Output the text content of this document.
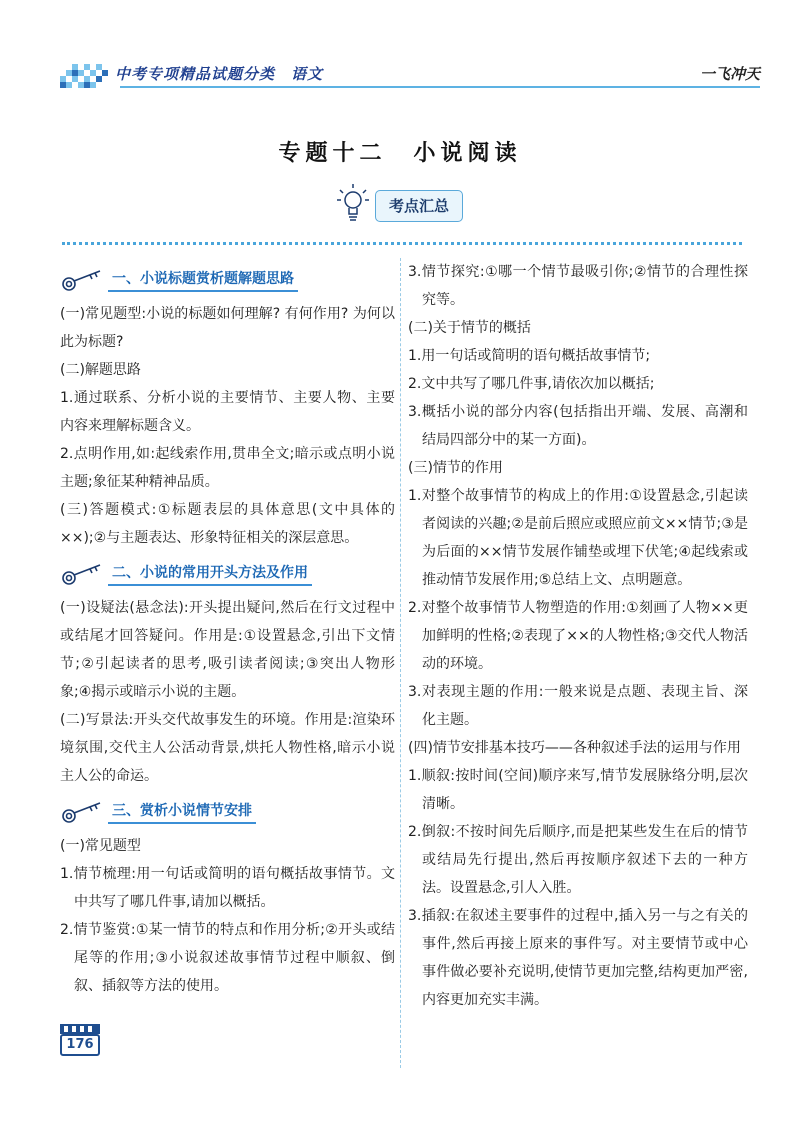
中考专项精品试题分类　语文	一飞冲天
专题十二　小说阅读
考点汇总
一、小说标题赏析题解题思路
(一)常见题型:小说的标题如何理解? 有何作用? 为何以此为标题?
(二)解题思路
1.通过联系、分析小说的主要情节、主要人物、主要内容来理解标题含义。
2.点明作用,如:起线索作用,贯串全文;暗示或点明小说主题;象征某种精神品质。
(三)答题模式:①标题表层的具体意思(文中具体的××);②与主题表达、形象特征相关的深层意思。
二、小说的常用开头方法及作用
(一)设疑法(悬念法):开头提出疑问,然后在行文过程中或结尾才回答疑问。作用是:①设置悬念,引出下文情节;②引起读者的思考,吸引读者阅读;③突出人物形象;④揭示或暗示小说的主题。
(二)写景法:开头交代故事发生的环境。作用是:渲染环境氛围,交代主人公活动背景,烘托人物性格,暗示小说主人公的命运。
三、赏析小说情节安排
(一)常见题型
1.情节梳理:用一句话或简明的语句概括故事情节。文中共写了哪几件事,请加以概括。
2.情节鉴赏:①某一情节的特点和作用分析;②开头或结尾等的作用;③小说叙述故事情节过程中顺叙、倒叙、插叙等方法的使用。
3.情节探究:①哪一个情节最吸引你;②情节的合理性探究等。
(二)关于情节的概括
1.用一句话或简明的语句概括故事情节;
2.文中共写了哪几件事,请依次加以概括;
3.概括小说的部分内容(包括指出开端、发展、高潮和结局四部分中的某一方面)。
(三)情节的作用
1.对整个故事情节的构成上的作用:①设置悬念,引起读者阅读的兴趣;②是前后照应或照应前文××情节;③是为后面的××情节发展作铺垫或埋下伏笔;④起线索或推动情节发展作用;⑤总结上文、点明题意。
2.对整个故事情节人物塑造的作用:①刻画了人物××更加鲜明的性格;②表现了××的人物性格;③交代人物活动的环境。
3.对表现主题的作用:一般来说是点题、表现主旨、深化主题。
(四)情节安排基本技巧——各种叙述手法的运用与作用
1.顺叙:按时间(空间)顺序来写,情节发展脉络分明,层次清晰。
2.倒叙:不按时间先后顺序,而是把某些发生在后的情节或结局先行提出,然后再按顺序叙述下去的一种方法。设置悬念,引人入胜。
3.插叙:在叙述主要事件的过程中,插入另一与之有关的事件,然后再接上原来的事件写。对主要情节或中心事件做必要补充说明,使情节更加完整,结构更加严密,内容更加充实丰满。
176
